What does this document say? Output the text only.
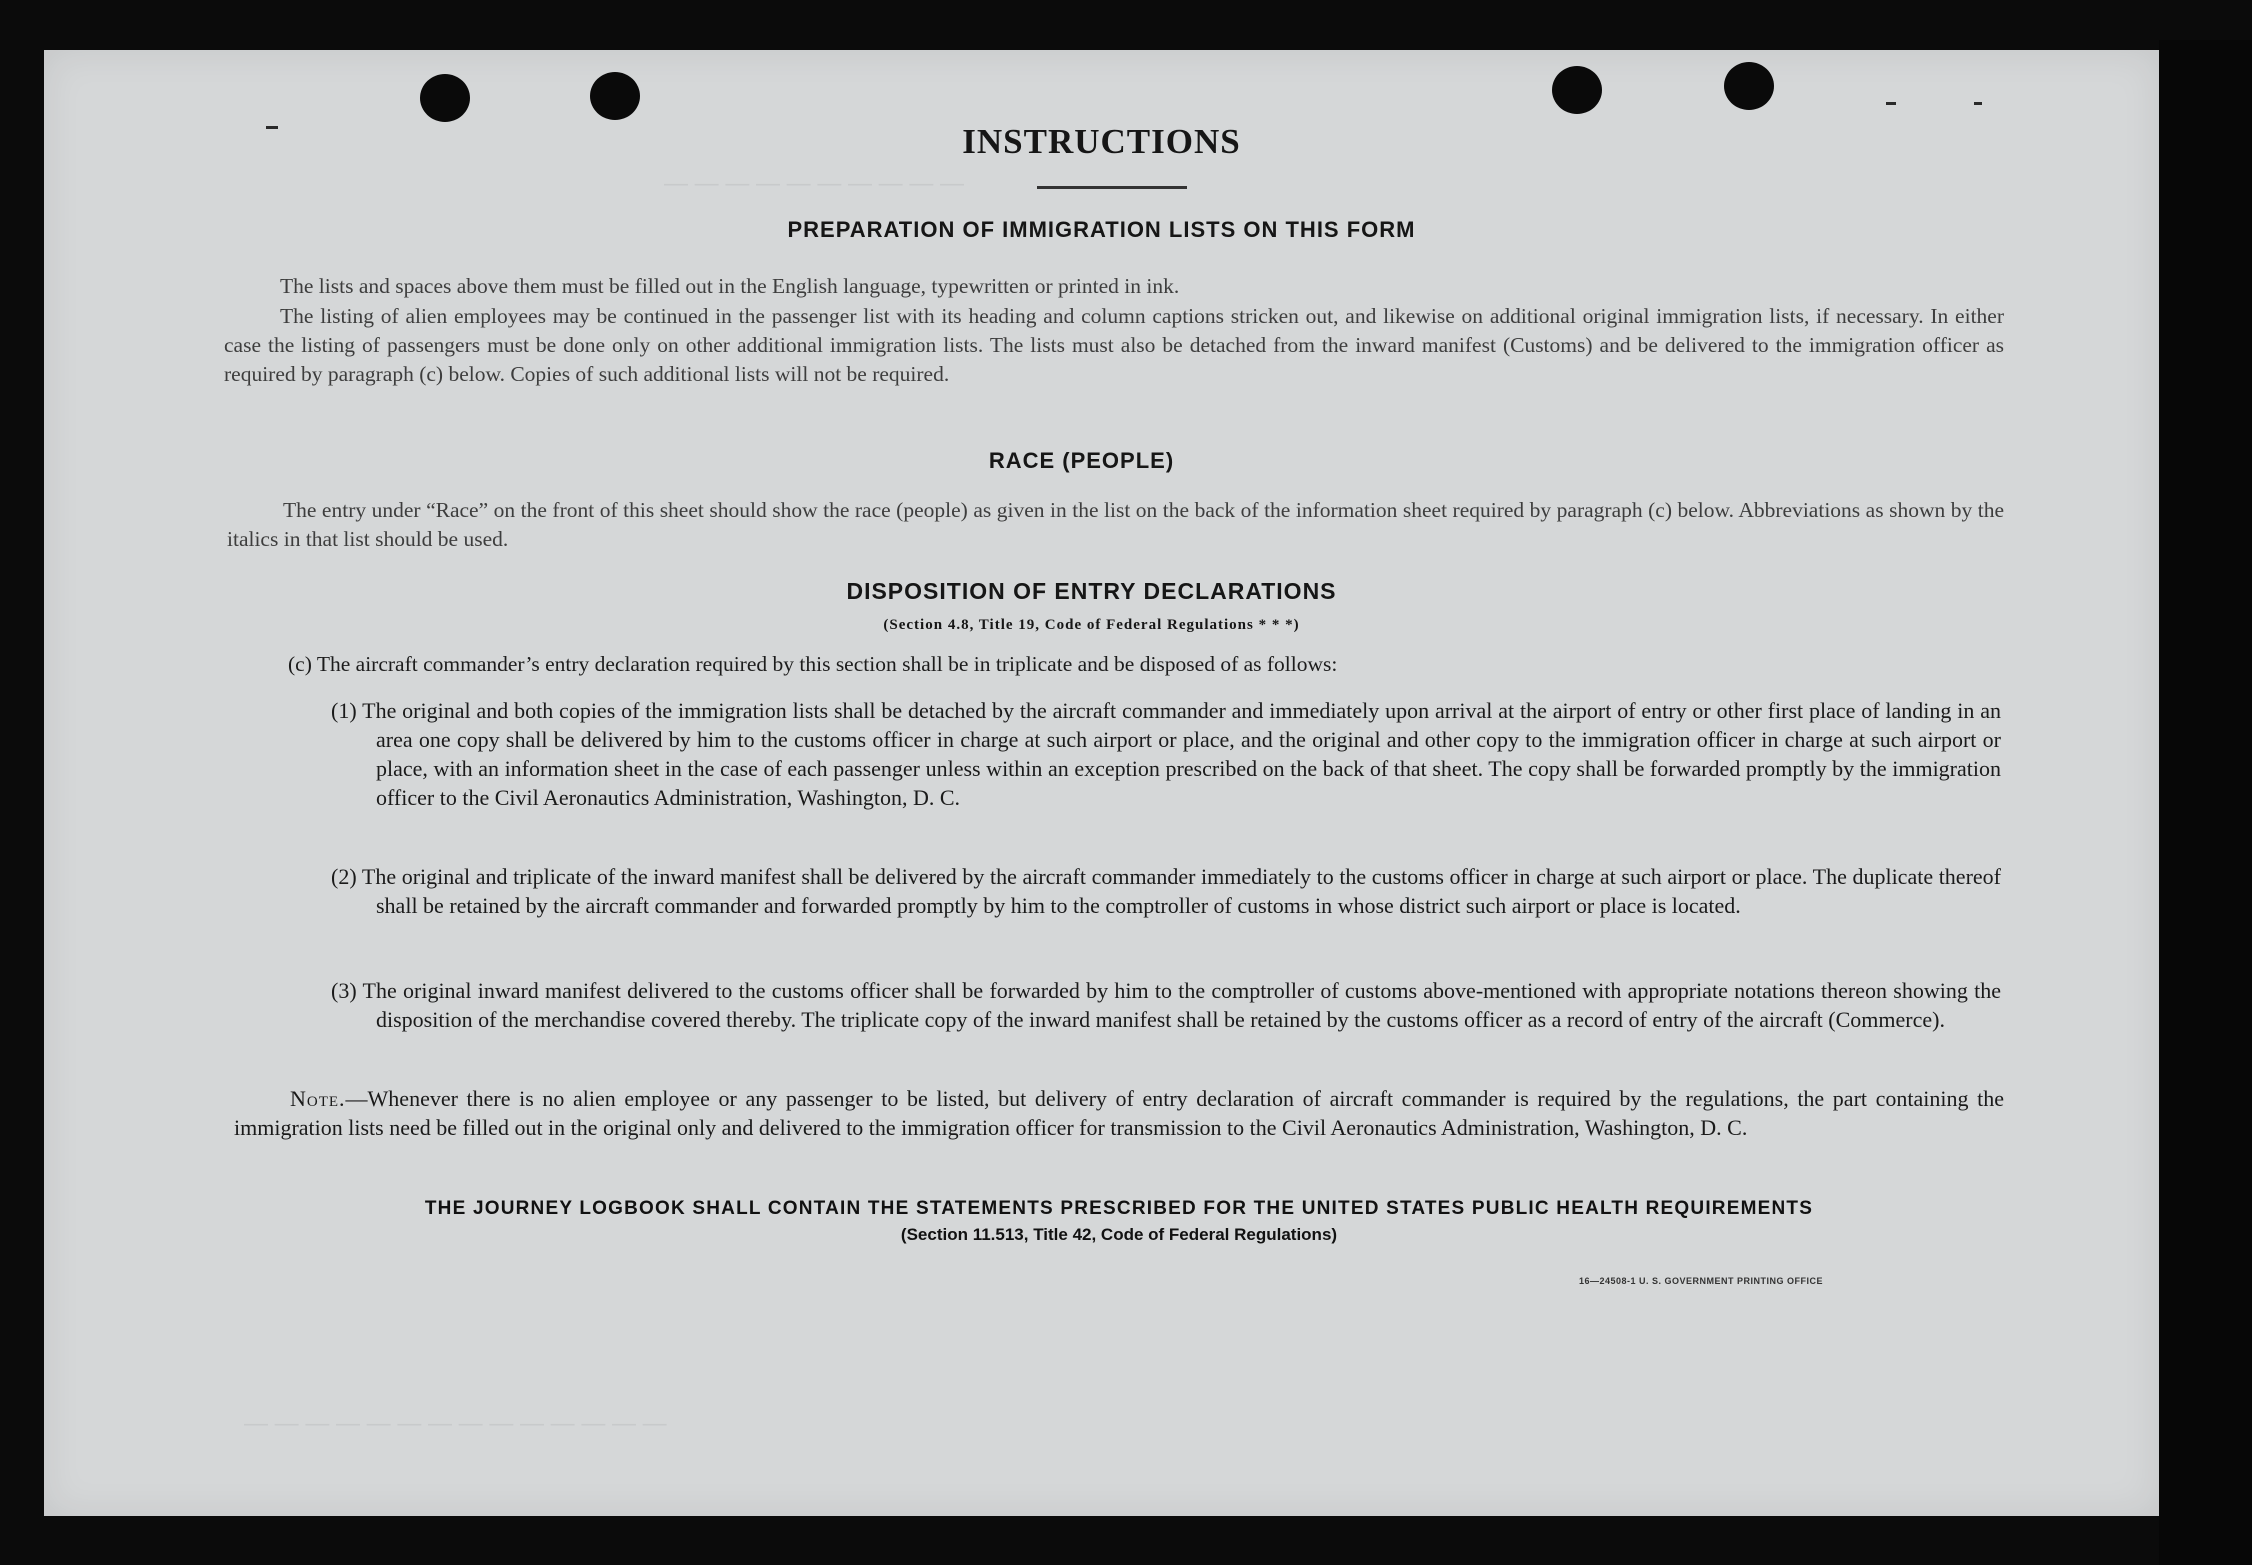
— — — — — — — — — —
— — — — — — — — — — — — — —
INSTRUCTIONS
PREPARATION OF IMMIGRATION LISTS ON THIS FORM
The lists and spaces above them must be filled out in the English language, typewritten or printed in ink.
The listing of alien employees may be continued in the passenger list with its heading and column captions stricken out, and likewise on additional original immigration lists, if necessary. In either case the listing of passengers must be done only on other additional immigration lists. The lists must also be detached from the inward manifest (Customs) and be delivered to the immigration officer as required by paragraph (c) below. Copies of such additional lists will not be required.
RACE (PEOPLE)
The entry under “Race” on the front of this sheet should show the race (people) as given in the list on the back of the information sheet required by paragraph (c) below. Abbreviations as shown by the italics in that list should be used.
DISPOSITION OF ENTRY DECLARATIONS
(Section 4.8, Title 19, Code of Federal Regulations * * *)
(c) The aircraft commander’s entry declaration required by this section shall be in triplicate and be disposed of as follows:
(1) The original and both copies of the immigration lists shall be detached by the aircraft commander and immediately upon arrival at the airport of entry or other first place of landing in an area one copy shall be delivered by him to the customs officer in charge at such airport or place, and the original and other copy to the immigration officer in charge at such airport or place, with an information sheet in the case of each passenger unless within an exception prescribed on the back of that sheet. The copy shall be forwarded promptly by the immigration officer to the Civil Aeronautics Administration, Washington, D. C.
(2) The original and triplicate of the inward manifest shall be delivered by the aircraft commander immediately to the customs officer in charge at such airport or place. The duplicate thereof shall be retained by the aircraft commander and forwarded promptly by him to the comptroller of customs in whose district such airport or place is located.
(3) The original inward manifest delivered to the customs officer shall be forwarded by him to the comptroller of customs above-mentioned with appropriate notations thereon showing the disposition of the merchandise covered thereby. The triplicate copy of the inward manifest shall be retained by the customs officer as a record of entry of the aircraft (Commerce).
Note.—Whenever there is no alien employee or any passenger to be listed, but delivery of entry declaration of aircraft commander is required by the regulations, the part containing the immigration lists need be filled out in the original only and delivered to the immigration officer for transmission to the Civil Aeronautics Administration, Washington, D. C.
THE JOURNEY LOGBOOK SHALL CONTAIN THE STATEMENTS PRESCRIBED FOR THE UNITED STATES PUBLIC HEALTH REQUIREMENTS
(Section 11.513, Title 42, Code of Federal Regulations)
16—24508-1 U. S. GOVERNMENT PRINTING OFFICE
